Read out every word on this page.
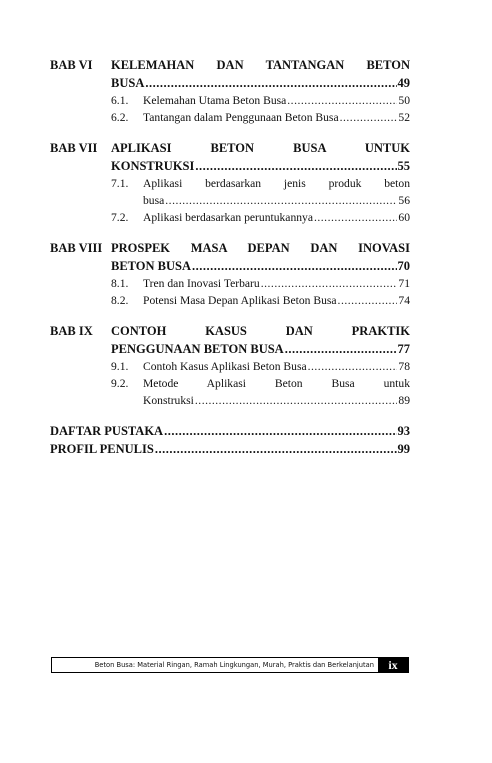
BAB VI KELEMAHAN DAN TANTANGAN BETON
BUSA .....	49
6.1.	Kelemahan Utama Beton Busa .....	50
6.2.	Tantangan dalam Penggunaan Beton Busa .....	52
BAB VII APLIKASI BETON BUSA UNTUK
KONSTRUKSI .....	55
7.1.	Aplikasi berdasarkan jenis produk beton
busa .....	56
7.2.	Aplikasi berdasarkan peruntukannya .....	60
BAB VIII PROSPEK MASA DEPAN DAN INOVASI
BETON BUSA .....	70
8.1.	Tren dan Inovasi Terbaru .....	71
8.2.	Potensi Masa Depan Aplikasi Beton Busa .....	74
BAB IX CONTOH KASUS DAN PRAKTIK
PENGGUNAAN BETON BUSA .....	77
9.1.	Contoh Kasus Aplikasi Beton Busa .....	78
9.2.	Metode Aplikasi Beton Busa untuk
Konstruksi .....	89
DAFTAR PUSTAKA .....	93
PROFIL PENULIS .....	99
Beton Busa: Material Ringan, Ramah Lingkungan, Murah, Praktis dan Berkelanjutan	ix
